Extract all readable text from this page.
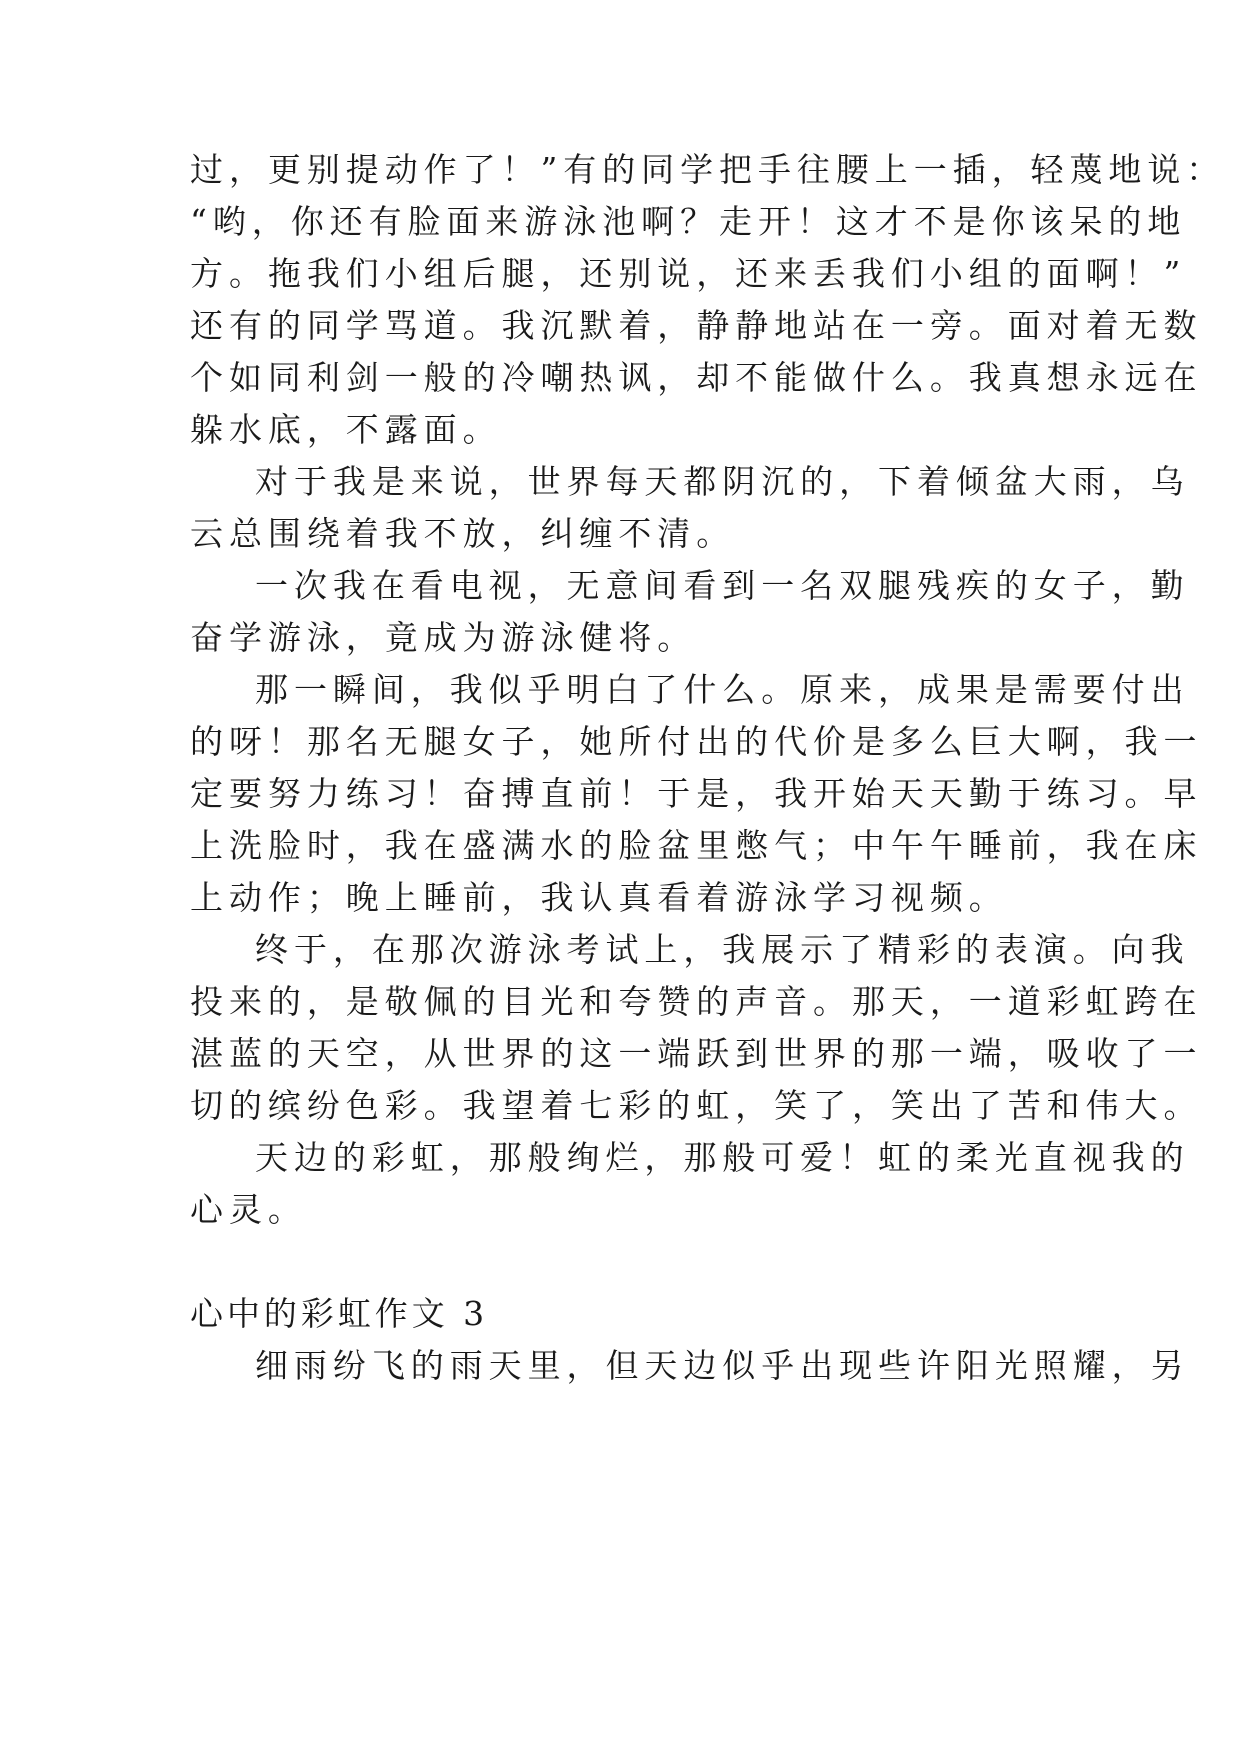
过，更别提动作了！”有的同学把手往腰上一插，轻蔑地说：
“哟，你还有脸面来游泳池啊？走开！这才不是你该呆的地
方。拖我们小组后腿，还别说，还来丢我们小组的面啊！”
还有的同学骂道。我沉默着，静静地站在一旁。面对着无数
个如同利剑一般的冷嘲热讽，却不能做什么。我真想永远在
躲水底，不露面。
对于我是来说，世界每天都阴沉的，下着倾盆大雨，乌
云总围绕着我不放，纠缠不清。
一次我在看电视，无意间看到一名双腿残疾的女子，勤
奋学游泳，竟成为游泳健将。
那一瞬间，我似乎明白了什么。原来，成果是需要付出
的呀！那名无腿女子，她所付出的代价是多么巨大啊，我一
定要努力练习！奋搏直前！于是，我开始天天勤于练习。早
上洗脸时，我在盛满水的脸盆里憋气；中午午睡前，我在床
上动作；晚上睡前，我认真看着游泳学习视频。
终于，在那次游泳考试上，我展示了精彩的表演。向我
投来的，是敬佩的目光和夸赞的声音。那天，一道彩虹跨在
湛蓝的天空，从世界的这一端跃到世界的那一端，吸收了一
切的缤纷色彩。我望着七彩的虹，笑了，笑出了苦和伟大。
天边的彩虹，那般绚烂，那般可爱！虹的柔光直视我的
心灵。
心中的彩虹作文 3
细雨纷飞的雨天里，但天边似乎出现些许阳光照耀，另
